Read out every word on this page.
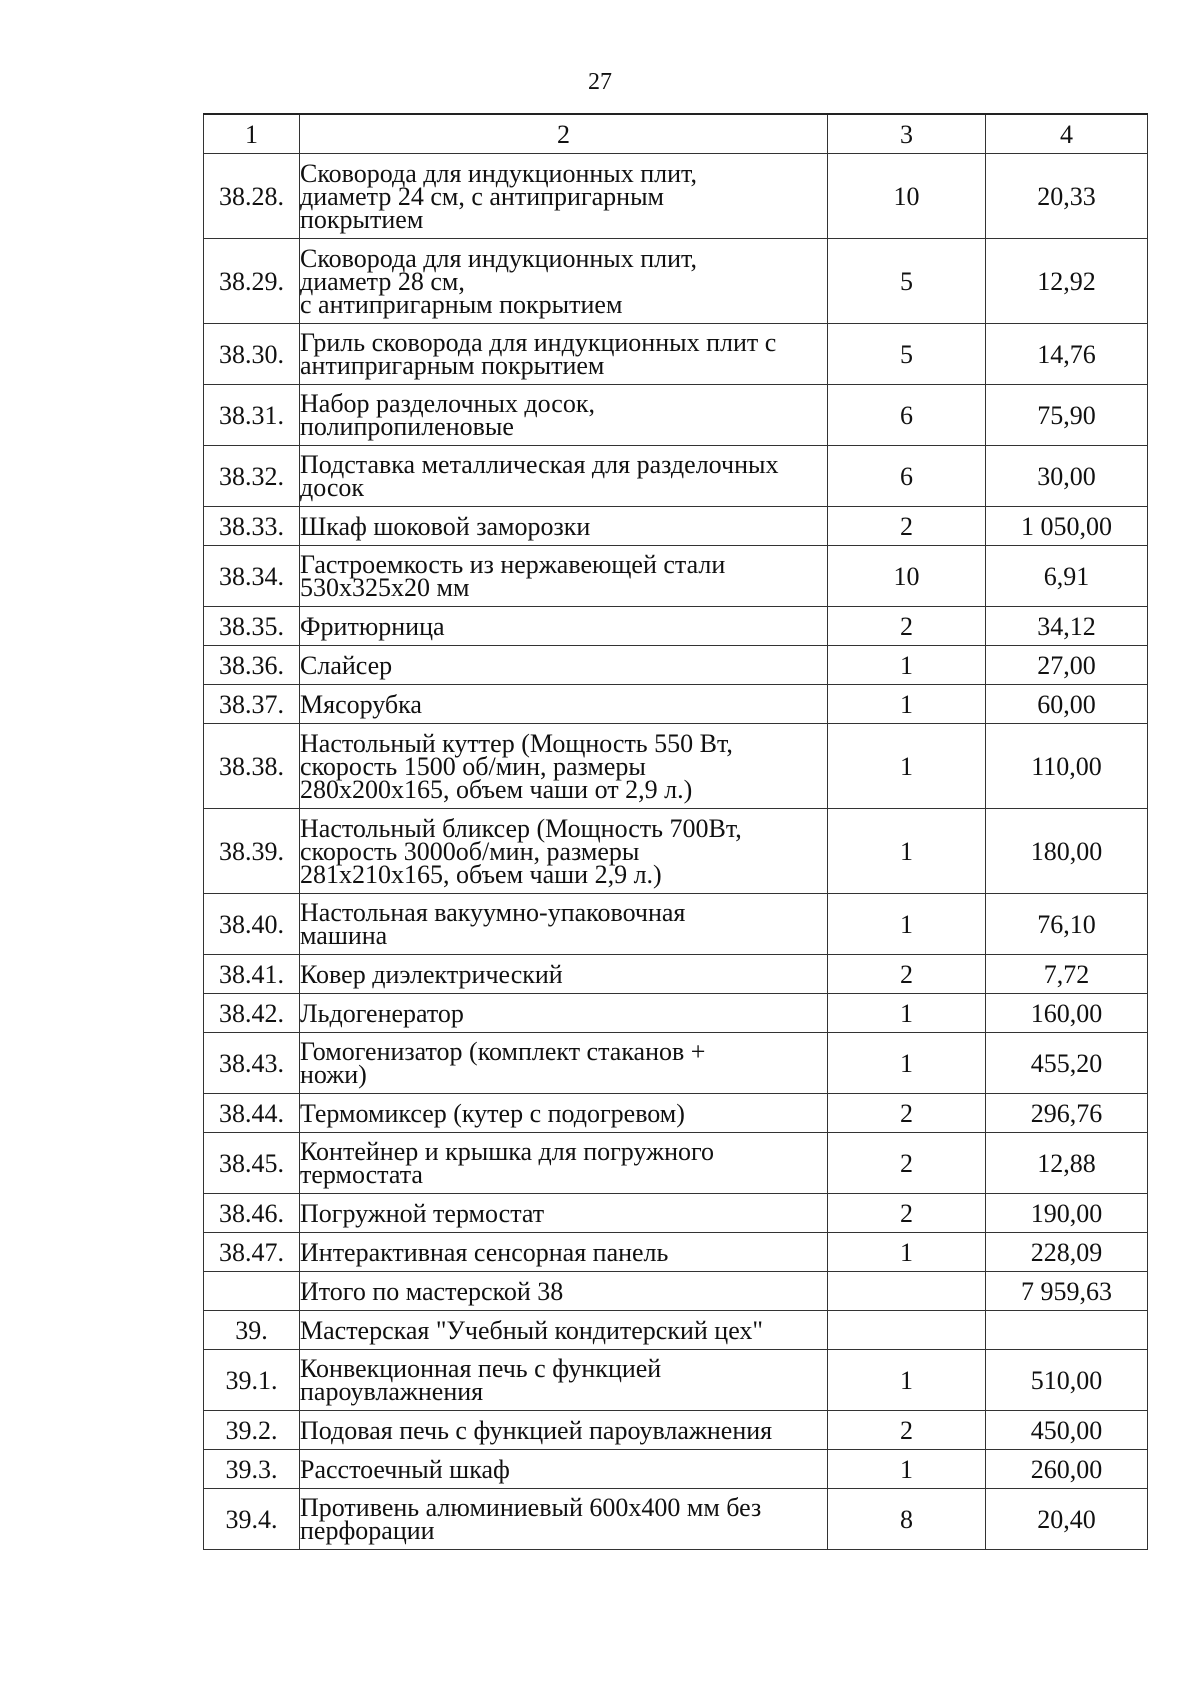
27
1	2	3	4
38.28.	Сковорода для индукционных плит,
диаметр 24 см, с антипригарным
покрытием	10	20,33
38.29.	Сковорода для индукционных плит,
диаметр 28 см,
с антипригарным покрытием	5	12,92
38.30.	Гриль сковорода для индукционных плит с
антипригарным покрытием	5	14,76
38.31.	Набор разделочных досок,
полипропиленовые	6	75,90
38.32.	Подставка металлическая для разделочных
досок	6	30,00
38.33.	Шкаф шоковой заморозки	2	1 050,00
38.34.	Гастроемкость из нержавеющей стали
530x325x20 мм	10	6,91
38.35.	Фритюрница	2	34,12
38.36.	Слайсер	1	27,00
38.37.	Мясорубка	1	60,00
38.38.	Настольный куттер (Мощность 550 Вт,
скорость 1500 об/мин, размеры
280x200x165, объем чаши от 2,9 л.)	1	110,00
38.39.	Настольный бликсер (Мощность 700Вт,
скорость 3000об/мин, размеры
281x210x165, объем чаши 2,9 л.)	1	180,00
38.40.	Настольная вакуумно-упаковочная
машина	1	76,10
38.41.	Ковер диэлектрический	2	7,72
38.42.	Льдогенератор	1	160,00
38.43.	Гомогенизатор (комплект стаканов +
ножи)	1	455,20
38.44.	Термомиксер (кутер с подогревом)	2	296,76
38.45.	Контейнер и крышка для погружного
термостата	2	12,88
38.46.	Погружной термостат	2	190,00
38.47.	Интерактивная сенсорная панель	1	228,09
	Итого по мастерской 38		7 959,63
39.	Мастерская "Учебный кондитерский цех"		
39.1.	Конвекционная печь с функцией
пароувлажнения	1	510,00
39.2.	Подовая печь с функцией пароувлажнения	2	450,00
39.3.	Расстоечный шкаф	1	260,00
39.4.	Противень алюминиевый 600x400 мм без
перфорации	8	20,40
